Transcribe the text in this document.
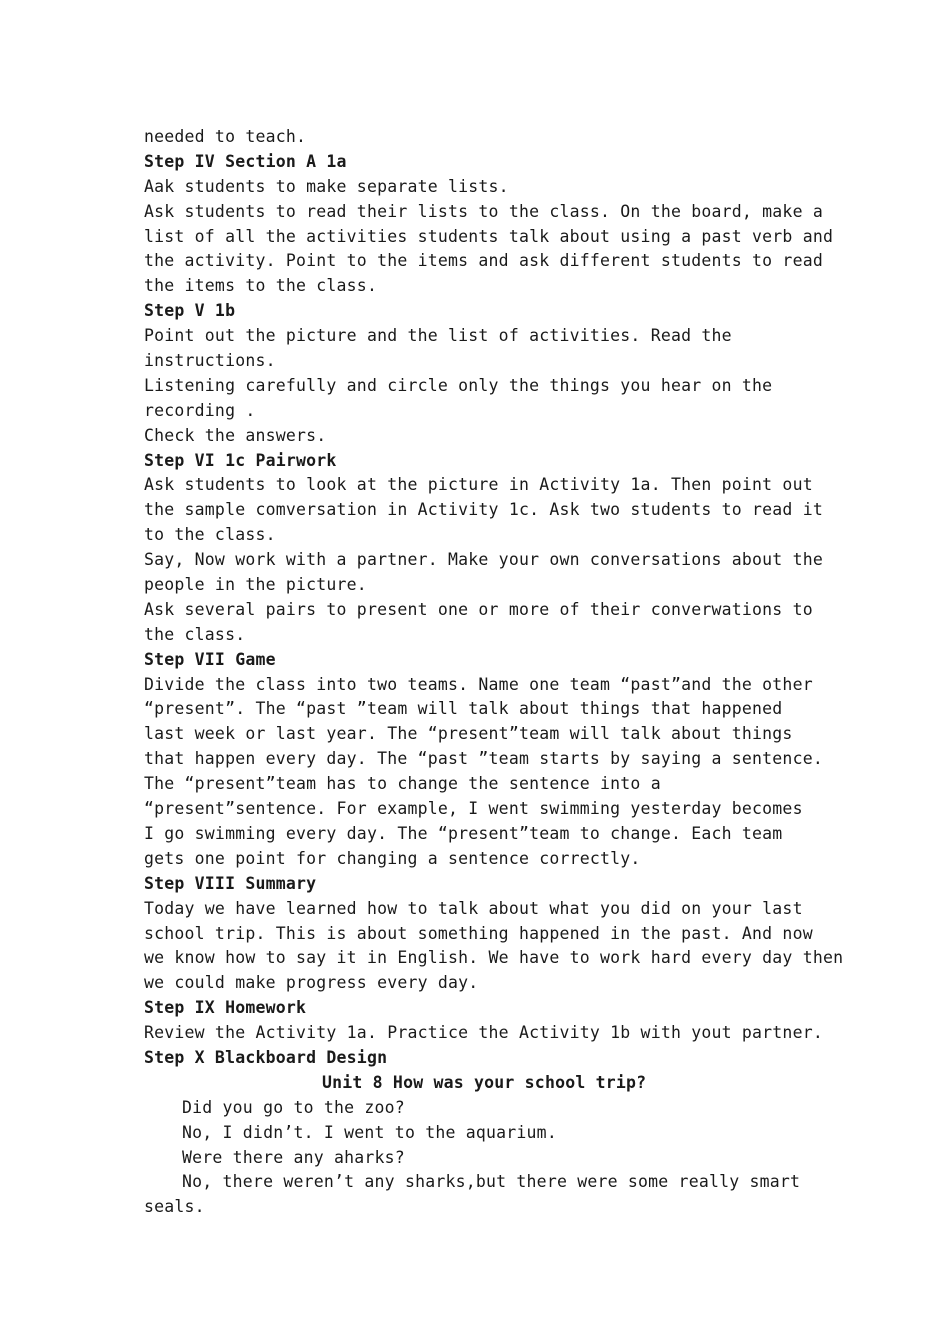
needed to teach.
Step IV Section A 1a
Aak students to make separate lists.
Ask students to read their lists to the class. On the board, make a
list of all the activities students talk about using a past verb and
the activity. Point to the items and ask different students to read
the items to the class.
Step V 1b
Point out the picture and the list of activities. Read the
instructions.
Listening carefully and circle only the things you hear on the
recording .
Check the answers.
Step VI 1c Pairwork
Ask students to look at the picture in Activity 1a. Then point out
the sample comversation in Activity 1c. Ask two students to read it
to the class.
Say, Now work with a partner. Make your own conversations about the
people in the picture.
Ask several pairs to present one or more of their converwations to
the class.
Step VII Game
Divide the class into two teams. Name one team “past”and the other
“present”. The “past ”team will talk about things that happened
last week or last year. The “present”team will talk about things
that happen every day. The “past ”team starts by saying a sentence.
The “present”team has to change the sentence into a
“present”sentence. For example, I went swimming yesterday becomes
I go swimming every day. The “present”team to change. Each team
gets one point for changing a sentence correctly.
Step VIII Summary
Today we have learned how to talk about what you did on your last
school trip. This is about something happened in the past. And now
we know how to say it in English. We have to work hard every day then
we could make progress every day.
Step IX Homework
Review the Activity 1a. Practice the Activity 1b with yout partner.
Step X Blackboard Design
Unit 8 How was your school trip?
Did you go to the zoo?
No, I didn’t. I went to the aquarium.
Were there any aharks?
No, there weren’t any sharks,but there were some really smart
seals.
